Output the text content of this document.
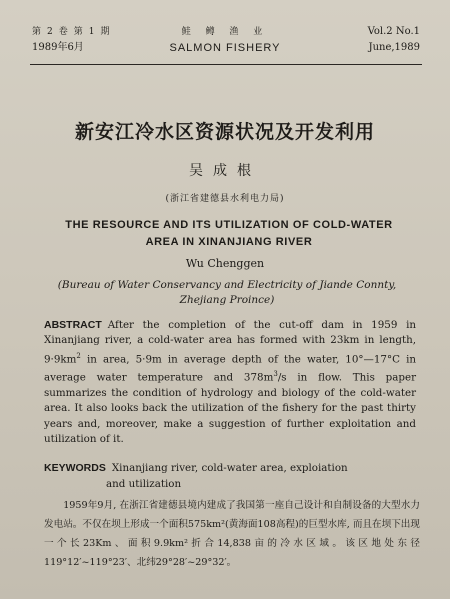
第2卷第1期
1989年6月
鲑 鳟 渔 业
SALMON FISHERY
Vol.2 No.1
June,1989
新安江冷水区资源状况及开发利用
吴成根
(浙江省建德县水利电力局)
THE RESOURCE AND ITS UTILIZATION OF COLD-WATER
AREA IN XINANJIANG RIVER
Wu Chenggen
(Bureau of Water Conservancy and Electricity of Jiande Connty,
Zhejiang Proince)
ABSTRACT After the completion of the cut-off dam in 1959 in Xinanjiang river, a cold-water area has formed with 23km in length, $9\cdot 9km^2$ in area, 5·9m in average depth of the water, 10°—17°C in average water temperature and $378m^3/s$ in flow. This paper summarizes the condition of hydrology and biology of the cold-water area. It also looks back the utilization of the fishery for the past thirty years and, moreover, make a suggestion of further exploitation and utilization of it.
KEYWORDS Xinanjiang river, cold-water area, exploiation
and utilization
1959年9月, 在浙江省建德县境内建成了我国第一座自己设计和自制设备的大型水力发电站。不仅在坝上形成一个面积575km²(黄海面108高程)的巨型水库, 而且在坝下出现一个长23Km、面积9.9km²折合14,838亩的冷水区域。该区地处东径119°12′~119°23′、北纬29°28′~29°32′。
